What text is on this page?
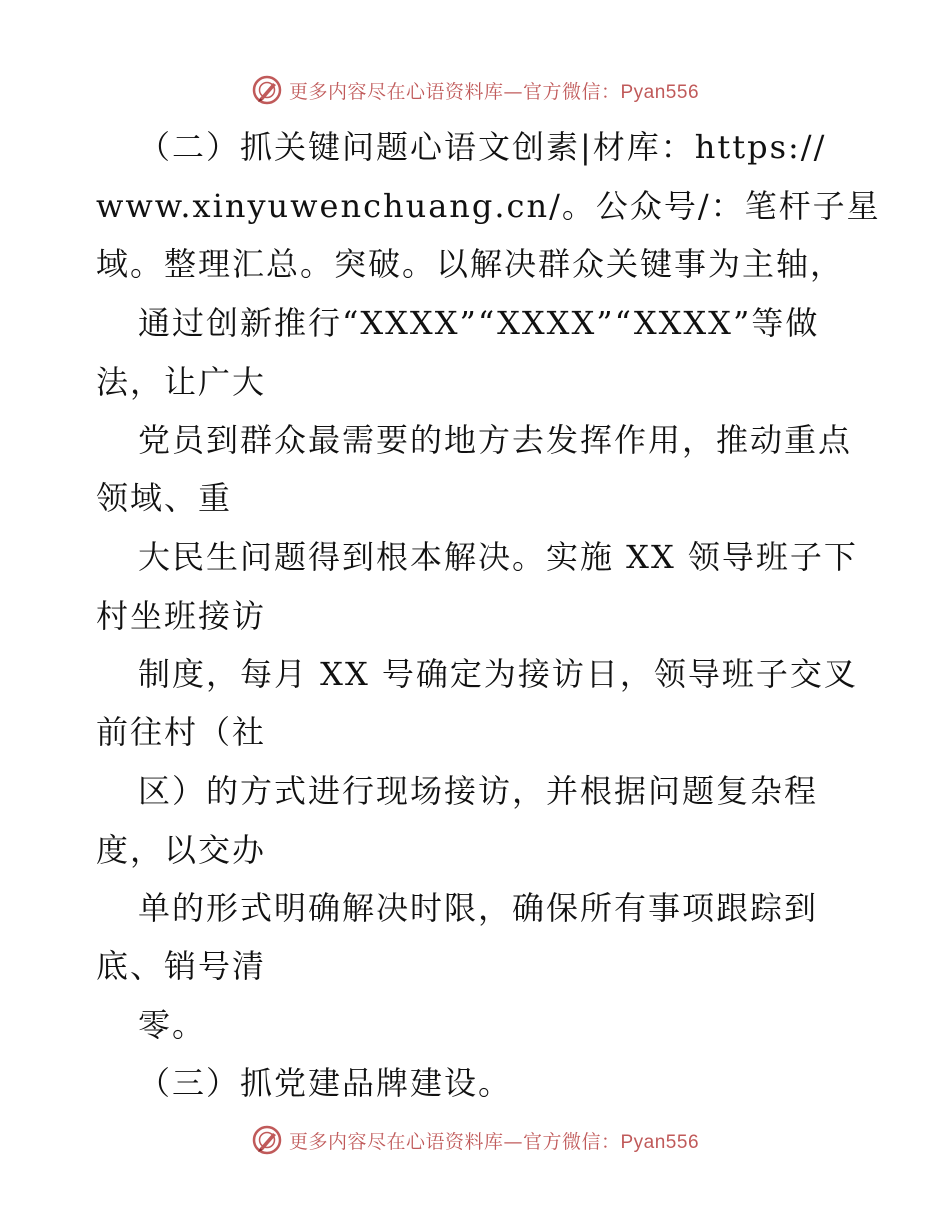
更多内容尽在心语资料库—官方微信：Pyan556
（二）抓关键问题心语文创素|材库：https://
www.xinyuwenchuang.cn/。公众号/：笔杆子星
域。整理汇总。突破。以解决群众关键事为主轴，
通过创新推行“XXXX”“XXXX”“XXXX”等做
法，让广大
党员到群众最需要的地方去发挥作用，推动重点
领域、重
大民生问题得到根本解决。实施 XX 领导班子下
村坐班接访
制度，每月 XX 号确定为接访日，领导班子交叉
前往村（社
区）的方式进行现场接访，并根据问题复杂程
度，以交办
单的形式明确解决时限，确保所有事项跟踪到
底、销号清
零。
（三）抓党建品牌建设。
更多内容尽在心语资料库—官方微信：Pyan556
